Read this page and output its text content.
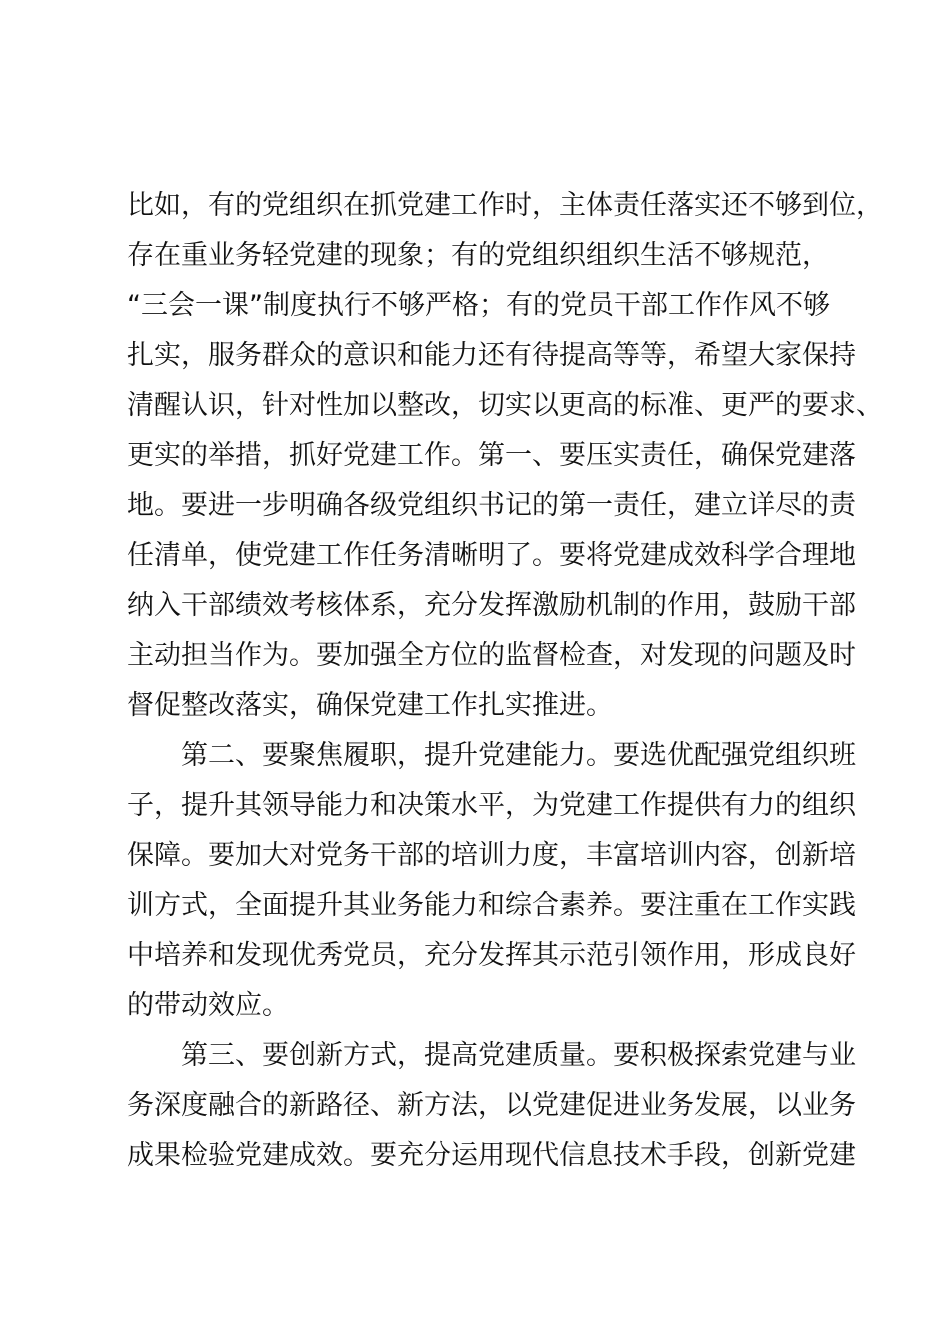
比如，有的党组织在抓党建工作时，主体责任落实还不够到位，
存在重业务轻党建的现象；有的党组织组织生活不够规范，
“三会一课”制度执行不够严格；有的党员干部工作作风不够
扎实，服务群众的意识和能力还有待提高等等，希望大家保持
清醒认识，针对性加以整改，切实以更高的标准、更严的要求、
更实的举措，抓好党建工作。第一、要压实责任，确保党建落
地。要进一步明确各级党组织书记的第一责任，建立详尽的责
任清单，使党建工作任务清晰明了。要将党建成效科学合理地
纳入干部绩效考核体系，充分发挥激励机制的作用，鼓励干部
主动担当作为。要加强全方位的监督检查，对发现的问题及时
督促整改落实，确保党建工作扎实推进。
第二、要聚焦履职，提升党建能力。要选优配强党组织班
子，提升其领导能力和决策水平，为党建工作提供有力的组织
保障。要加大对党务干部的培训力度，丰富培训内容，创新培
训方式，全面提升其业务能力和综合素养。要注重在工作实践
中培养和发现优秀党员，充分发挥其示范引领作用，形成良好
的带动效应。
第三、要创新方式，提高党建质量。要积极探索党建与业
务深度融合的新路径、新方法，以党建促进业务发展，以业务
成果检验党建成效。要充分运用现代信息技术手段，创新党建
